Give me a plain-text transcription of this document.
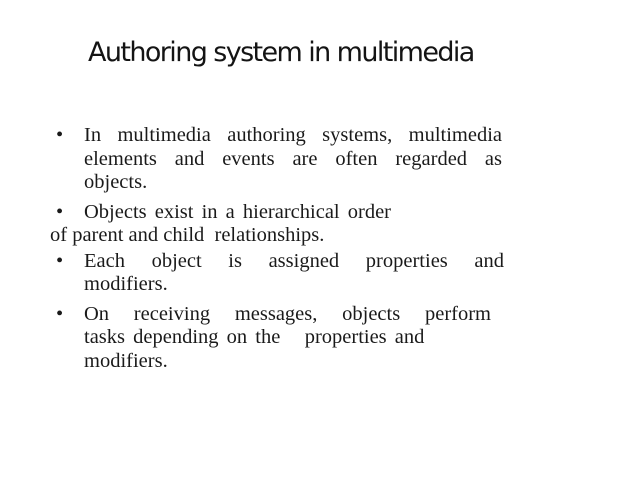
Authoring system in multimedia
• In multimedia authoring systems, multimedia
elements and events are often regarded as
objects.
• Objects exist in a hierarchical order
of parent and child  relationships.
• Each object is assigned properties and
modifiers.
• On receiving messages, objects perform
tasks depending on the   properties and
modifiers.
